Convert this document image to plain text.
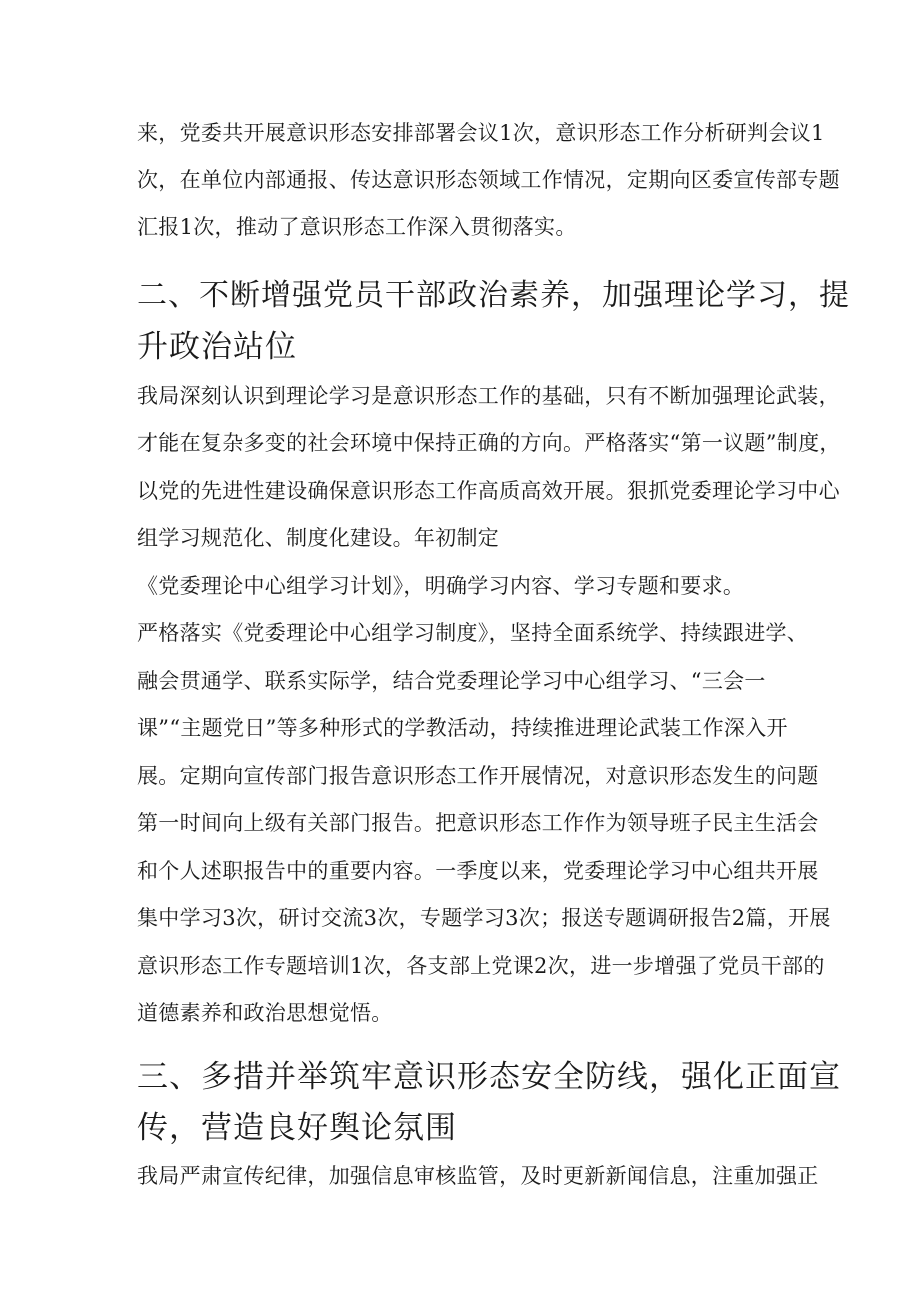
来，党委共开展意识形态安排部署会议1次，意识形态工作分析研判会议1
次，在单位内部通报、传达意识形态领域工作情况，定期向区委宣传部专题
汇报1次，推动了意识形态工作深入贯彻落实。
二、不断增强党员干部政治素养，加强理论学习，提
升政治站位
我局深刻认识到理论学习是意识形态工作的基础，只有不断加强理论武装，
才能在复杂多变的社会环境中保持正确的方向。严格落实“第一议题”制度，
以党的先进性建设确保意识形态工作高质高效开展。狠抓党委理论学习中心
组学习规范化、制度化建设。年初制定
《党委理论中心组学习计划》，明确学习内容、学习专题和要求。
严格落实《党委理论中心组学习制度》，坚持全面系统学、持续跟进学、
融会贯通学、联系实际学，结合党委理论学习中心组学习、“三会一
课”“主题党日”等多种形式的学教活动，持续推进理论武装工作深入开
展。定期向宣传部门报告意识形态工作开展情况，对意识形态发生的问题
第一时间向上级有关部门报告。把意识形态工作作为领导班子民主生活会
和个人述职报告中的重要内容。一季度以来，党委理论学习中心组共开展
集中学习3次，研讨交流3次，专题学习3次；报送专题调研报告2篇，开展
意识形态工作专题培训1次，各支部上党课2次，进一步增强了党员干部的
道德素养和政治思想觉悟。
三、多措并举筑牢意识形态安全防线，强化正面宣
传，营造良好舆论氛围
我局严肃宣传纪律，加强信息审核监管，及时更新新闻信息，注重加强正
